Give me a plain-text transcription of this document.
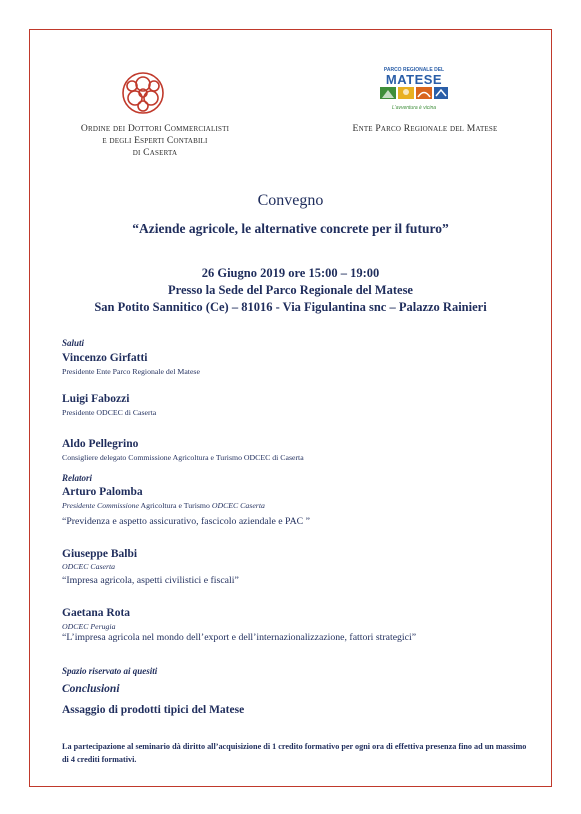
Ordine dei Dottori Commercialisti
e degli Esperti Contabili
di Caserta
PARCO REGIONALE DEL
MATESE
L'avventura è vicina
Ente Parco Regionale del Matese
Convegno
“Aziende agricole, le alternative concrete per il futuro”
26 Giugno 2019 ore 15:00 – 19:00
Presso la Sede del Parco Regionale del Matese
San Potito Sannitico (Ce) – 81016 - Via Figulantina snc – Palazzo Rainieri
Saluti
Vincenzo Girfatti
Presidente Ente Parco Regionale del Matese
Luigi Fabozzi
Presidente ODCEC di Caserta
Aldo Pellegrino
Consigliere delegato Commissione Agricoltura e Turismo ODCEC di Caserta
Relatori
Arturo Palomba
Presidente Commissione Agricoltura e Turismo ODCEC Caserta
“Previdenza e aspetto assicurativo, fascicolo aziendale e PAC ”
Giuseppe Balbi
ODCEC Caserta
“Impresa agricola, aspetti civilistici e fiscali”
Gaetana Rota
ODCEC Perugia
“L’impresa agricola nel mondo dell’export e dell’internazionalizzazione, fattori strategici”
Spazio riservato ai quesiti
Conclusioni
Assaggio di prodotti tipici del Matese
La partecipazione al seminario dà diritto all’acquisizione di 1 credito formativo per ogni ora di effettiva presenza fino ad un massimo di 4 crediti formativi.
